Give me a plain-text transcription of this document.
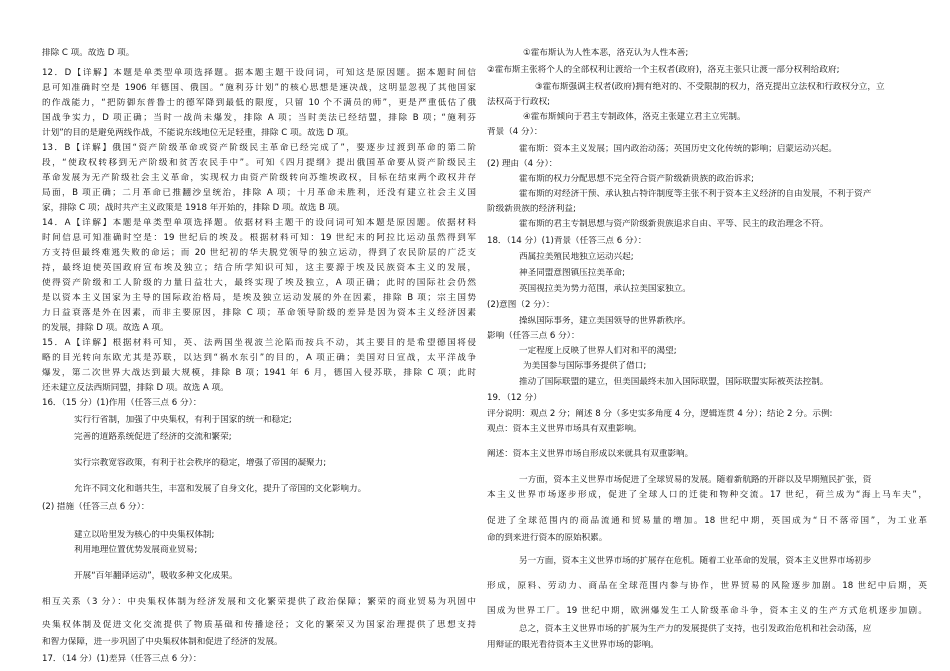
排除 C 项。故选 D 项。
12．D【详解】本题是单类型单项选择题。据本题主题干设问词，可知这是原因题。据本题时间信
息可知准确时空是 1906 年德国、俄国。“施利芬计划”的核心思想是速决战，这明显忽视了其他国家
的作战能力，“把防御东普鲁士的德军降到最低的限度，只留 10 个不满员的师”，更是严重低估了俄
国战争实力，D 项正确；当时一战尚未爆发，排除 A 项；当时美法已经结盟，排除 B 项；“施利芬
计划”的目的是避免两线作战，不能说东线地位无足轻重，排除 C 项。故选 D 项。
13．B【详解】俄国“资产阶级革命或资产阶级民主革命已经完成了”，要逐步过渡到革命的第二阶
段，“使政权转移到无产阶级和贫苦农民手中”。可知《四月提纲》提出俄国革命要从资产阶级民主
革命发展为无产阶级社会主义革命，实现权力由资产阶级转向苏维埃政权，目标在结束两个政权并存
局面，B 项正确；二月革命已推翻沙皇统治，排除 A 项；十月革命未胜利，还没有建立社会主义国
家，排除 C 项；战时共产主义政策是 1918 年开始的，排除 D 项。故选 B 项。
14．A【详解】本题是单类型单项选择题。依据材料主题干的设问词可知本题是原因题。依据材料
时间信息可知准确时空是：19 世纪后的埃及。根据材料可知：19 世纪末的阿拉比运动虽然得到军
方支持但最终难逃失败的命运；而 20 世纪初的华夫脱党领导的独立运动，得到了农民阶层的广泛支
持，最终迫使英国政府宣布埃及独立；结合所学知识可知，这主要源于埃及民族资本主义的发展，
使得资产阶级和工人阶级的力量日益壮大，最终实现了埃及独立，A 项正确；此时的国际社会仍然
是以资本主义国家为主导的国际政治格局，是埃及独立运动发展的外在因素，排除 B 项；宗主国势
力日益衰落是外在因素，而非主要原因，排除 C 项；革命领导阶级的差异是因为资本主义经济因素
的发展，排除 D 项。故选 A 项。
15．A【详解】根据材料可知，英、法两国坐视波兰沦陷而按兵不动，其主要目的是希望德国将侵
略的目光转向东欧尤其是苏联，以达到“祸水东引”的目的，A 项正确；美国对日宣战，太平洋战争
爆发，第二次世界大战达到最大规模，排除 B 项；1941 年 6 月，德国入侵苏联，排除 C 项；此时
还未建立反法西斯同盟，排除 D 项。故选 A 项。
16．（15 分）(1)作用（任答三点 6 分）：
实行行省制，加强了中央集权，有利于国家的统一和稳定;
完善的道路系统促进了经济的交流和繁荣;
实行宗教宽容政策，有利于社会秩序的稳定，增强了帝国的凝聚力;
允许不同文化和谐共生，丰富和发展了自身文化，提升了帝国的文化影响力。
(2) 措施（任答三点 6 分）：
建立以哈里发为核心的中央集权体制;
利用地理位置优势发展商业贸易;
开展“百年翻译运动”，吸收多种文化成果。
相互关系（3 分）：中央集权体制为经济发展和文化繁荣提供了政治保障；繁荣的商业贸易为巩固中
央集权体制及促进文化交流提供了物质基础和传播途径；文化的繁荣又为国家治理提供了思想支持
和智力保障，进一步巩固了中央集权体制和促进了经济的发展。
17．（14 分）(1)差异（任答三点 6 分）：
①霍布斯认为人性本恶，洛克认为人性本善;
②霍布斯主张将个人的全部权利让渡给一个主权者(政府)，洛克主张只让渡一部分权利给政府;
③霍布斯强调主权者(政府)拥有绝对的、不受限制的权力，洛克提出立法权和行政权分立，立
法权高于行政权;
④霍布斯倾向于君主专制政体，洛克主张建立君主立宪制。
背景（4 分）：
霍布斯：资本主义发展；国内政治动荡；英国历史文化传统的影响；启蒙运动兴起。
(2) 理由（4 分）：
霍布斯的权力分配思想不完全符合资产阶级新贵族的政治诉求;
霍布斯的对经济干预、承认独占特许制度等主张不利于资本主义经济的自由发展，不利于资产
阶级新贵族的经济利益;
霍布斯的君主专制思想与资产阶级新贵族追求自由、平等、民主的政治理念不符。
18．（14 分）(1)背景（任答三点 6 分）：
西属拉美殖民地独立运动兴起;
神圣同盟意图镇压拉美革命;
英国视拉美为势力范围，承认拉美国家独立。
(2)意图（2 分）：
操纵国际事务，建立美国领导的世界新秩序。
影响（任答三点 6 分）：
一定程度上反映了世界人们对和平的渴望;
为美国参与国际事务提供了借口;
推动了国际联盟的建立，但美国最终未加入国际联盟，国际联盟实际被英法控制。
19．（12 分）
评分说明：观点 2 分；阐述 8 分（多史实多角度 4 分，逻辑连贯 4 分）；结论 2 分。示例:
观点：资本主义世界市场具有双重影响。
阐述：资本主义世界市场自形成以来就具有双重影响。
一方面，资本主义世界市场促进了全球贸易的发展。随着新航路的开辟以及早期殖民扩张，资
本主义世界市场逐步形成，促进了全球人口的迁徙和物种交流。17 世纪，荷兰成为“海上马车夫”，
促进了全球范围内的商品流通和贸易量的增加。18 世纪中期，英国成为“日不落帝国”，为工业革
命的到来进行资本的原始积累。
另一方面，资本主义世界市场的扩展存在危机。随着工业革命的发展，资本主义世界市场初步
形成，原料、劳动力、商品在全球范围内参与协作，世界贸易的风险逐步加剧。18 世纪中后期，英
国成为世界工厂。19 世纪中期，欧洲爆发生工人阶级革命斗争，资本主义的生产方式危机逐步加剧。
总之，资本主义世界市场的扩展为生产力的发展提供了支持，也引发政治危机和社会动荡，应
用辩证的眼光看待资本主义世界市场的影响。
